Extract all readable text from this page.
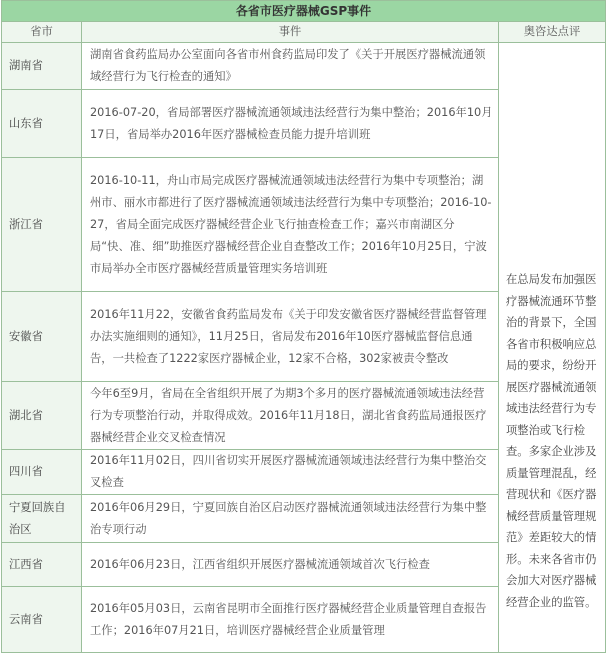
各省市医疗器械GSP事件		
省市	事件	奥咨达点评
湖南省	湖南省食药监局办公室面向各省市州食药监局印发了《关于开展医疗器械流通领域经营行为飞行检查的通知》	在总局发布加强医疗器械流通环节整治的背景下，全国各省市积极响应总局的要求，纷纷开展医疗器械流通领域违法经营行为专项整治或飞行检查。多家企业涉及质量管理混乱，经营现状和《医疗器械经营质量管理规范》差距较大的情形。未来各省市仍会加大对医疗器械经营企业的监管。

山东省	2016-07-20，省局部署医疗器械流通领域违法经营行为集中整治；2016年10月17日，省局举办2016年医疗器械检查员能力提升培训班	
浙江省	2016-10-11，舟山市局完成医疗器械流通领域违法经营行为集中专项整治；湖州市、丽水市都进行了医疗器械流通领域违法经营行为集中专项整治；2016-10-27，省局全面完成医疗器械经营企业飞行抽查检查工作；嘉兴市南湖区分局“快、准、细”助推医疗器械经营企业自查整改工作；2016年10月25日，宁波市局举办全市医疗器械经营质量管理实务培训班	
安徽省	2016年11月22，安徽省食药监局发布《关于印发安徽省医疗器械经营监督管理办法实施细则的通知》，11月25日，省局发布2016年10医疗器械监督信息通告，一共检查了1222家医疗器械企业，12家不合格，302家被责令整改	
湖北省	今年6至9月，省局在全省组织开展了为期3个多月的医疗器械流通领域违法经营行为专项整治行动，并取得成效。2016年11月18日，湖北省食药监局通报医疗器械经营企业交叉检查情况	
四川省	2016年11月02日，四川省切实开展医疗器械流通领域违法经营行为集中整治交叉检查	
宁夏回族自治区	2016年06月29日，宁夏回族自治区启动医疗器械流通领域违法经营行为集中整治专项行动	
江西省	2016年06月23日，江西省组织开展医疗器械流通领域首次飞行检查	
云南省	2016年05月03日，云南省昆明市全面推行医疗器械经营企业质量管理自查报告工作；2016年07月21日，培训医疗器械经营企业质量管理	
